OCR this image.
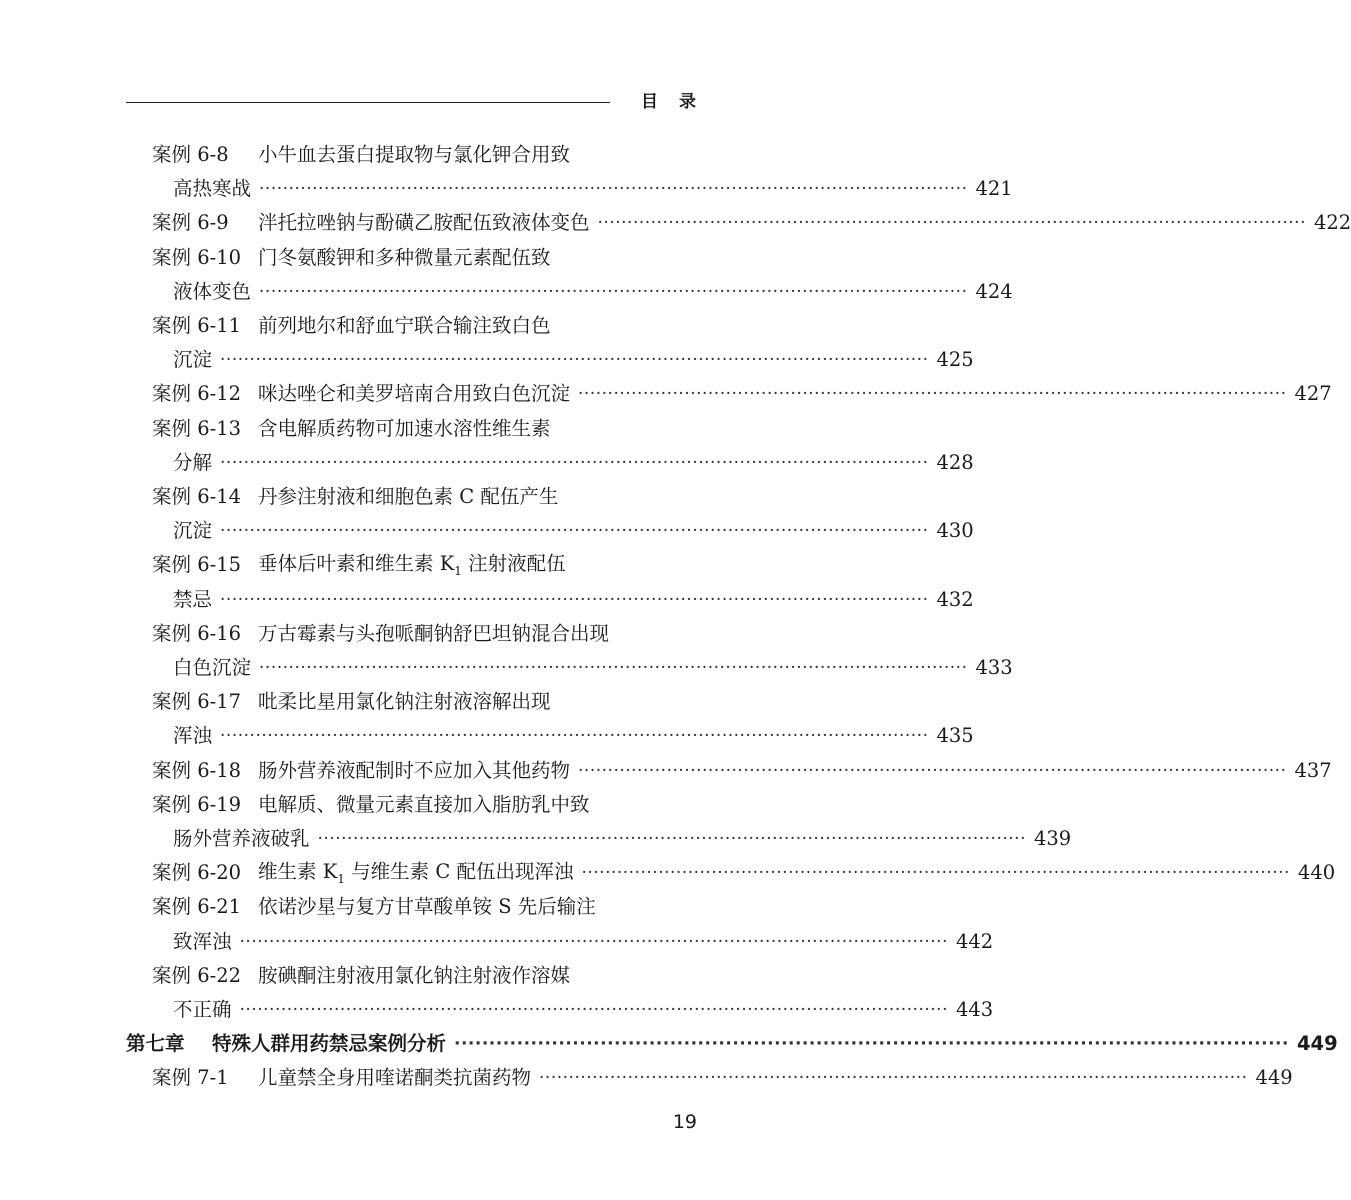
目　录
案例 6-8	小牛血去蛋白提取物与氯化钾合用致
高热寒战 ························································································································ 421
案例 6-9	泮托拉唑钠与酚磺乙胺配伍致液体变色 ························································································································ 422
案例 6-10 门冬氨酸钾和多种微量元素配伍致
液体变色 ························································································································ 424
案例 6-11 前列地尔和舒血宁联合输注致白色
沉淀 ························································································································ 425
案例 6-12 咪达唑仑和美罗培南合用致白色沉淀 ························································································································ 427
案例 6-13 含电解质药物可加速水溶性维生素
分解 ························································································································ 428
案例 6-14 丹参注射液和细胞色素 C 配伍产生
沉淀 ························································································································ 430
案例 6-15 垂体后叶素和维生素 $K_1$ 注射液配伍
禁忌 ························································································································ 432
案例 6-16 万古霉素与头孢哌酮钠舒巴坦钠混合出现
白色沉淀 ························································································································ 433
案例 6-17 吡柔比星用氯化钠注射液溶解出现
浑浊 ························································································································ 435
案例 6-18 肠外营养液配制时不应加入其他药物 ························································································································ 437
案例 6-19 电解质、微量元素直接加入脂肪乳中致
肠外营养液破乳 ························································································································ 439
案例 6-20 维生素 $K_1$ 与维生素 C 配伍出现浑浊 ························································································································ 440
案例 6-21 依诺沙星与复方甘草酸单铵 S 先后输注
致浑浊 ························································································································ 442
案例 6-22 胺碘酮注射液用氯化钠注射液作溶媒
不正确 ························································································································ 443
第七章	特殊人群用药禁忌案例分析 ························································································································ 449
案例 7-1	儿童禁全身用喹诺酮类抗菌药物 ························································································································ 449
19
